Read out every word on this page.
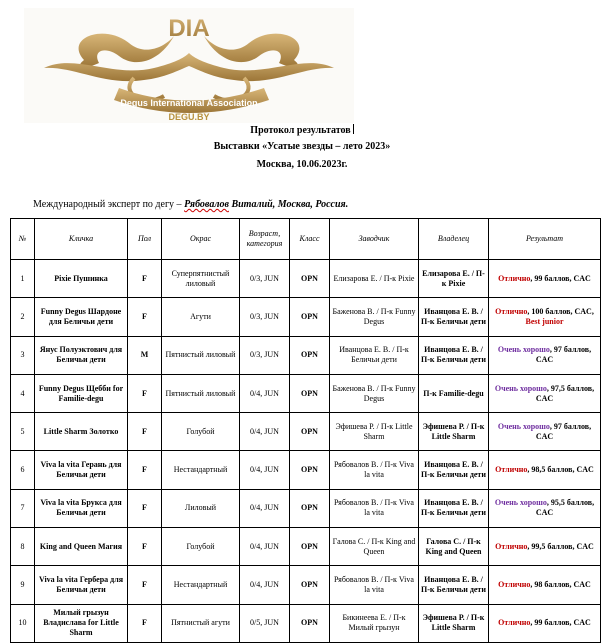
Degus International Association
DIA
DEGU.BY
Протокол результатов
Выставки «Усатые звезды – лето 2023»
Москва, 10.06.2023г.
Международный эксперт по дегу – Рябовалов Виталий, Москва, Россия.
№	Кличка	Пол	Окрас	Возраст, категория	Класс	Заводчик	Владелец	Результат
1	Pixie Пушинка	F	Суперпятнистый лиловый	0/3, JUN	OPN	Елизарова Е. / П-к Pixie	Елизарова Е. / П-к Pixie	Отлично, 99 баллов, CAC
2	Funny Degus Шардоне для Беличьи дети	F	Агути	0/3, JUN	OPN	Баженова В. / П-к Funny Degus	Иванцова Е. В. / П-к Беличьи дети	Отлично, 100 баллов, CAC, Best junior
3	Янус Полуэктович для Беличьи дети	M	Пятнистый лиловый	0/3, JUN	OPN	Иванцова Е. В. / П-к Беличьи дети	Иванцова Е. В. / П-к Беличьи дети	Очень хорошо, 97 баллов, CAC
4	Funny Degus Щебби for Familie-degu	F	Пятнистый лиловый	0/4, JUN	OPN	Баженова В. / П-к Funny Degus	П-к Familie-degu	Очень хорошо, 97,5 баллов, CAC
5	Little Sharm Золотко	F	Голубой	0/4, JUN	OPN	Эфишева Р. / П-к Little Sharm	Эфишева Р. / П-к Little Sharm	Очень хорошо, 97 баллов, CAC
6	Viva la vita Герань для Беличьи дети	F	Нестандартный	0/4, JUN	OPN	Рябовалов В. / П-к Viva la vita	Иванцова Е. В. / П-к Беличьи дети	Отлично, 98,5 баллов, CAC
7	Viva la vita Брукса для Беличьи дети	F	Лиловый	0/4, JUN	OPN	Рябовалов В. / П-к Viva la vita	Иванцова Е. В. / П-к Беличьи дети	Очень хорошо, 95,5 баллов, CAC
8	King and Queen Магия	F	Голубой	0/4, JUN	OPN	Галова С. / П-к King and Queen	Галова С. / П-к King and Queen	Отлично, 99,5 баллов, CAC
9	Viva la vita Гербера для Беличьи дети	F	Нестандартный	0/4, JUN	OPN	Рябовалов В. / П-к Viva la vita	Иванцова Е. В. / П-к Беличьи дети	Отлично, 98 баллов, CAC
10	Милый грызун Владислава for Little Sharm	F	Пятнистый агути	0/5, JUN	OPN	Бикинеева Е. / П-к Милый грызун	Эфишева Р. / П-к Little Sharm	Отлично, 99 баллов, CAC
